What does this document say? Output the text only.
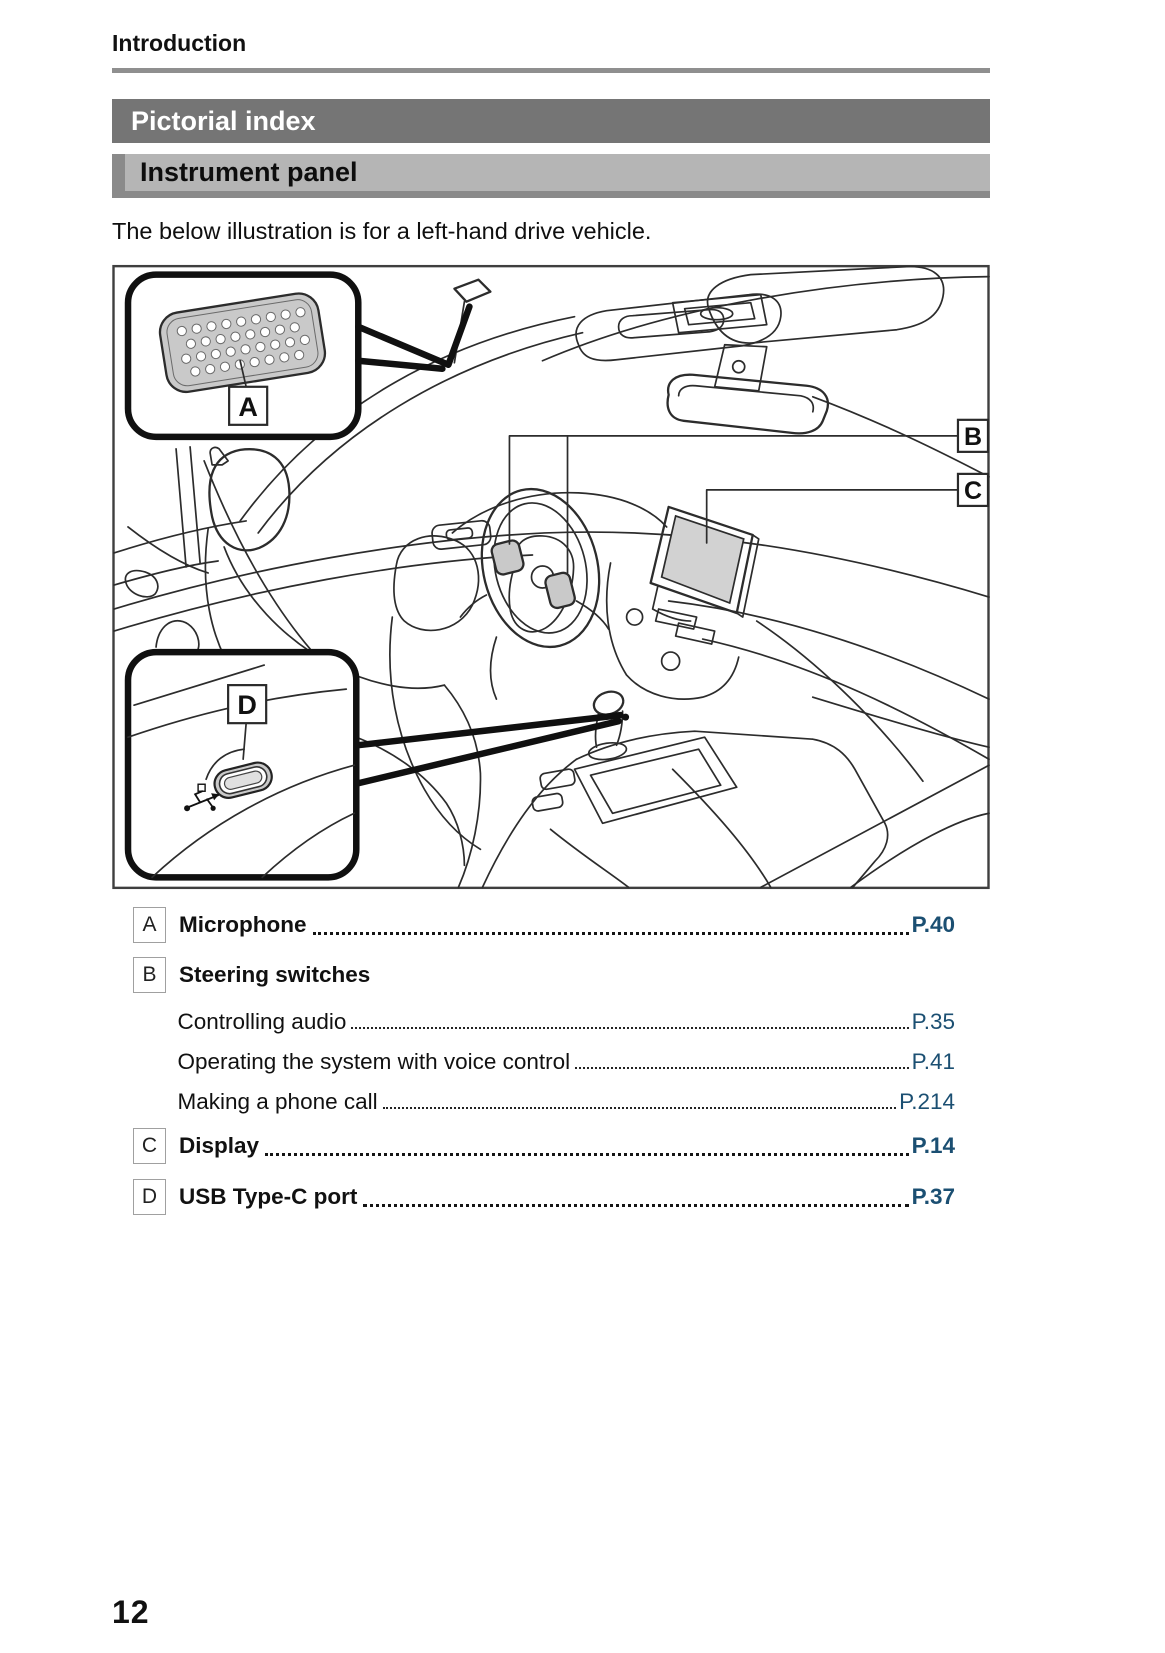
Introduction
Pictorial index
Instrument panel
The below illustration is for a left-hand drive vehicle.
A
D
B
C
A	Microphone	P.40
B	Steering switches
Controlling audio	P.35
Operating the system with voice control	P.41
Making a phone call	P.214
C Display	P.14
D USB Type-C port	P.37
12
